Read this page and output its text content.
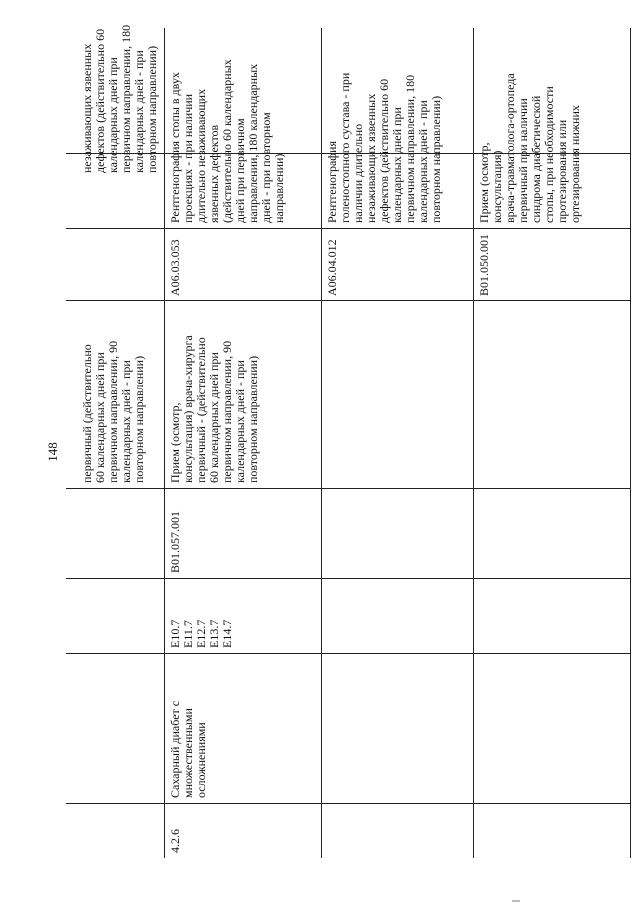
148 первичный (действительно
60 календарных дней при
первичном направлении, 90
календарных дней - при
повторном направлении)
незаживающих язвенных
дефектов (действительно 60
календарных дней при
первичном направлении, 180
календарных дней - при
повторном направлении)
4.2.6
Сахарный диабет с
множественными
осложнениями
E10.7
E11.7
E12.7
E13.7
E14.7
B01.057.001
Прием (осмотр,
консультация) врача-хирурга
первичный - (действительно
60 календарных дней при
первичном направлении, 90
календарных дней - при
повторном направлении)
A06.03.053
Рентгенография стопы в двух
проекциях - при наличии
длительно незаживающих
язвенных дефектов
(действительно 60 календарных
дней при первичном
направлении, 180 календарных
дней - при повторном
направлении)
A06.04.012
Рентгенография
голеностопного сустава - при
наличии длительно
незаживающих язвенных
дефектов (действительно 60
календарных дней при
первичном направлении, 180
календарных дней - при
повторном направлении)
B01.050.001
Прием (осмотр, консультация)
врача-травматолога-ортопеда
первичный при наличии
синдрома диабетической
стопы, при необходимости
протезирования или
ортезирования нижних
